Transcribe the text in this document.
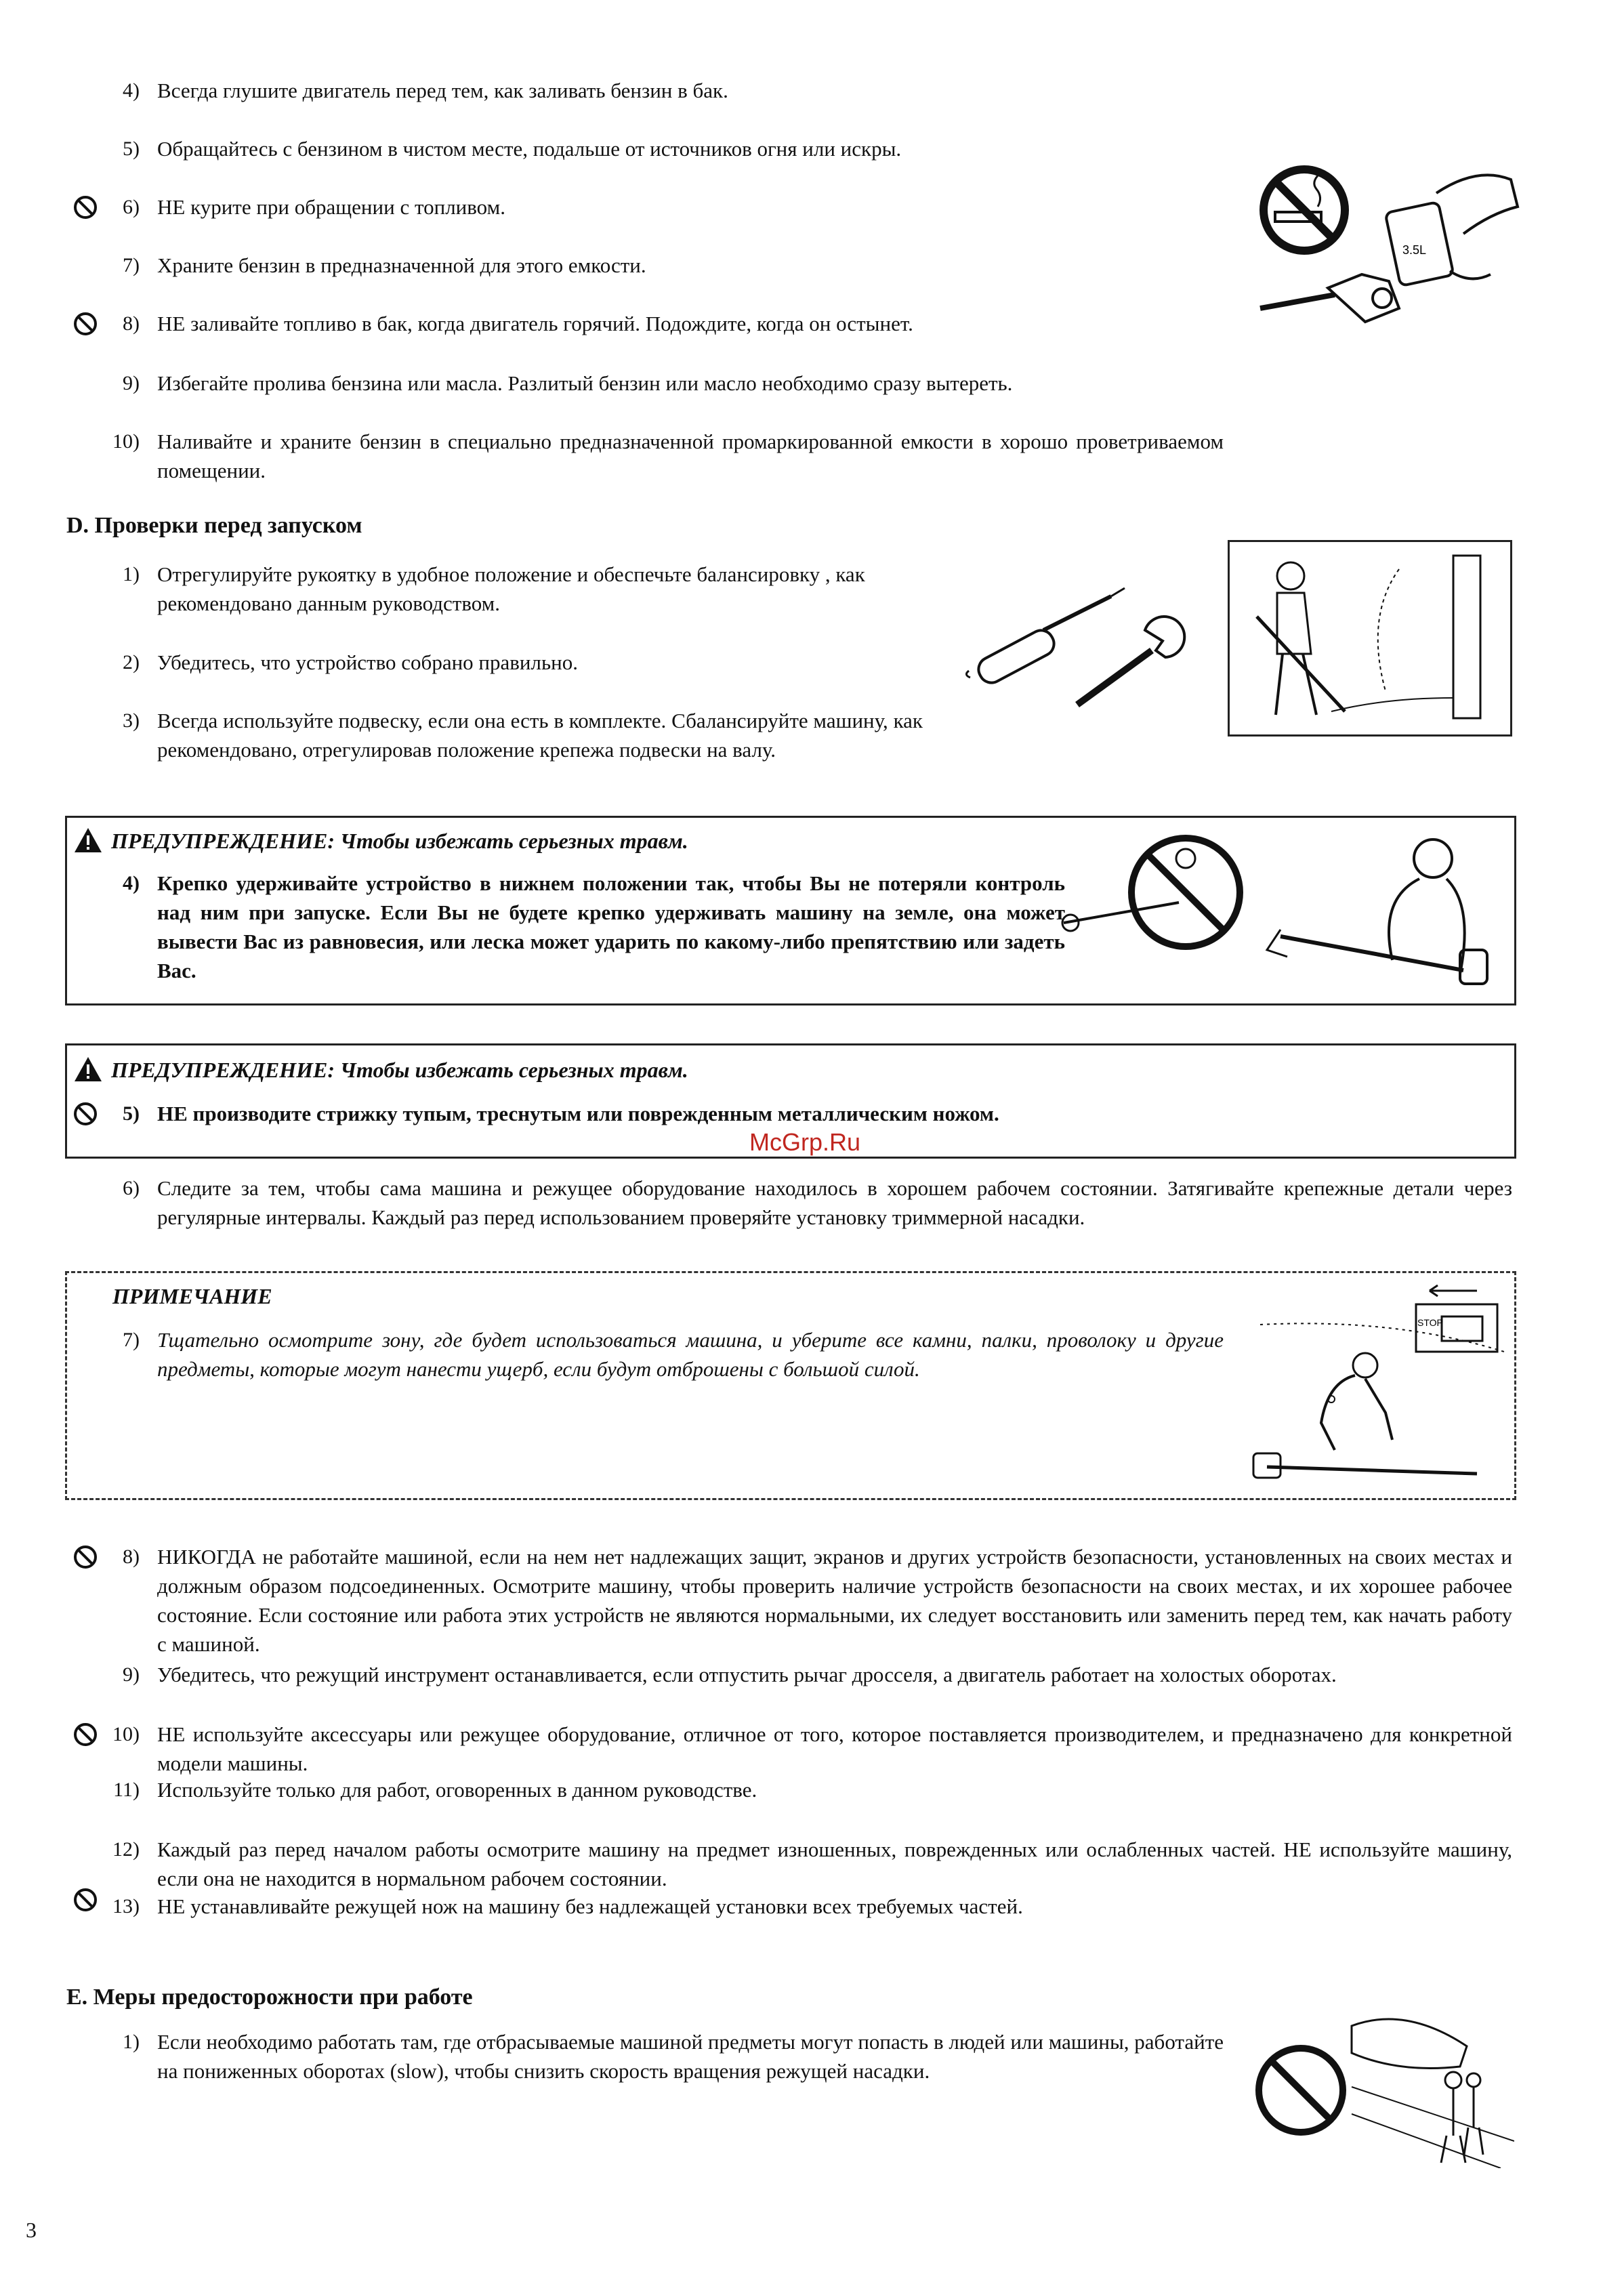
4) Всегда глушите двигатель перед тем, как заливать бензин в бак.
5) Обращайтесь с бензином в чистом месте, подальше от источников огня или искры.
6) НЕ курите при обращении с топливом.
7) Храните бензин в предназначенной для этого емкости.
8) НЕ заливайте топливо в бак, когда двигатель горячий. Подождите, когда он остынет.
9) Избегайте пролива бензина или масла. Разлитый бензин или масло необходимо сразу вытереть.
10) Наливайте и храните бензин в специально предназначенной промаркированной емкости в хорошо проветриваемом помещении.
3.5L
D. Проверки перед запуском
1) Отрегулируйте рукоятку в удобное положение и обеспечьте балансировку , как рекомендовано данным руководством.
2) Убедитесь, что устройство собрано правильно.
3) Всегда используйте подвеску, если она есть в комплекте. Сбалансируйте машину, как рекомендовано, отрегулировав положение крепежа подвески на валу.
ПРЕДУПРЕЖДЕНИЕ: Чтобы избежать серьезных травм.
4) Крепко удерживайте устройство в нижнем положении так, чтобы Вы не потеряли контроль над ним при запуске. Если Вы не будете крепко удерживать машину на земле, она может вывести Вас из равновесия, или леска может ударить по какому-либо препятствию или задеть Вас.
ПРЕДУПРЕЖДЕНИЕ: Чтобы избежать серьезных травм.
5) НЕ производите стрижку тупым, треснутым или поврежденным металлическим ножом.
McGrp.Ru
6) Следите за тем, чтобы сама машина и режущее оборудование находилось в хорошем рабочем состоянии. Затягивайте крепежные детали через регулярные интервалы. Каждый раз перед использованием проверяйте установку триммерной насадки.
ПРИМЕЧАНИЕ
7) Тщательно осмотрите зону, где будет использоваться машина, и уберите все камни, палки, проволоку и другие предметы, которые могут нанести ущерб, если будут отброшены с большой силой.
STOP
8) НИКОГДА не работайте машиной, если на нем нет надлежащих защит, экранов и других устройств безопасности, установленных на своих местах и должным образом подсоединенных. Осмотрите машину, чтобы проверить наличие устройств безопасности на своих местах, и их хорошее рабочее состояние. Если состояние или работа этих устройств не являются нормальными, их следует восстановить или заменить перед тем, как начать работу с машиной.
9) Убедитесь, что режущий инструмент останавливается, если отпустить рычаг дросселя, а двигатель работает на холостых оборотах.
10) НЕ используйте аксессуары или режущее оборудование, отличное от того, которое поставляется производителем, и предназначено для конкретной модели машины.
11) Используйте только для работ, оговоренных в данном руководстве.
12) Каждый раз перед началом работы осмотрите машину на предмет изношенных, поврежденных или ослабленных частей. НЕ используйте машину, если она не находится в нормальном рабочем состоянии.
13) НЕ устанавливайте режущей нож на машину без надлежащей установки всех требуемых частей.
E. Меры предосторожности при работе
1) Если необходимо работать там, где отбрасываемые машиной предметы могут попасть в людей или машины, работайте на пониженных оборотах (slow), чтобы снизить скорость вращения режущей насадки.
3
